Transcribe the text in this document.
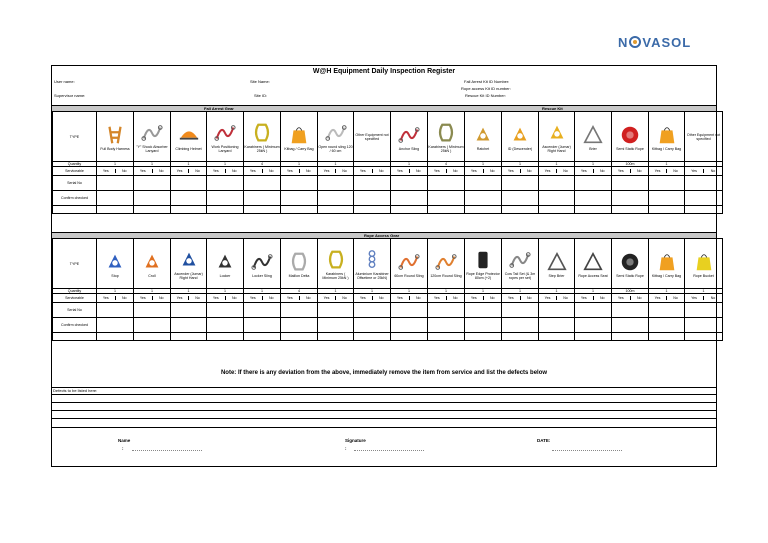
N VASOL
W@H Equipment Daily Inspection Register
User name:	Site Name:	Fall Arrest Kit ID Number:
Rope access Kit ID number:
Supervisor name:	Site ID:	Rescue Kit ID Number:
Fall Arrest Gear	Rescue Kit
TYPE	Full Body Harness	"Y" Shock Absorber Lanyard	Climbing Helmet	Work Positioning Lanyard	Karabiners ( Minimum 25kN )	Kitbag / Carry Bag	Open round sling 120 / 60 cm	Other Equipment not specified	Anchor Sling	Karabiners ( Minimum 25kN )	Ratchet	ID (Descender)	Ascender (Jumar) Right Hand	Brier	Semi Static Rope	Kitbag / Carry Bag	Other Equipment not specified

Quantity	1	1	1	1	4	1	1		1	4	1	1	1	1	100m	1	
Serviceable	Yes No	Yes No	Yes No	Yes No	Yes No	Yes No	Yes No	Yes No	Yes No	Yes No	Yes No	Yes No	Yes No	Yes No	Yes No	Yes No	Yes No

Serial No																	
Confirm checked																	

Rope Access Gear
TYPE	Stop	Croll	Ascender (Jumar) Right Hand	Locker	Locker Sling	Maillon Delta	Karabiners ( Minimum 25kN )	Aluminium Karabiner Offsetime or 25kN)	60cm Round Sling	120cm Round Sling	Rope Edge Protector 80cm (+2)	Cow Tail Set (& 3m ropes per set)	Step Brier	Rope Access Seat	Semi Static Rope	Kitbag / Carry Bag	Rope Bucket

Quantity	1	1	1	1	1	4	1	1	1	1	1	1	1	1	100m	1	1
Serviceable	Yes No	Yes No	Yes No	Yes No	Yes No	Yes No	Yes No	Yes No	Yes No	Yes No	Yes No	Yes No	Yes No	Yes No	Yes No	Yes No	Yes No

Serial No																	
Confirm checked																	

Note: If there is any deviation from the above, immediately remove the item from service and list the defects below
Defects to be listed here:
Name
:
Signature
:
DATE:
